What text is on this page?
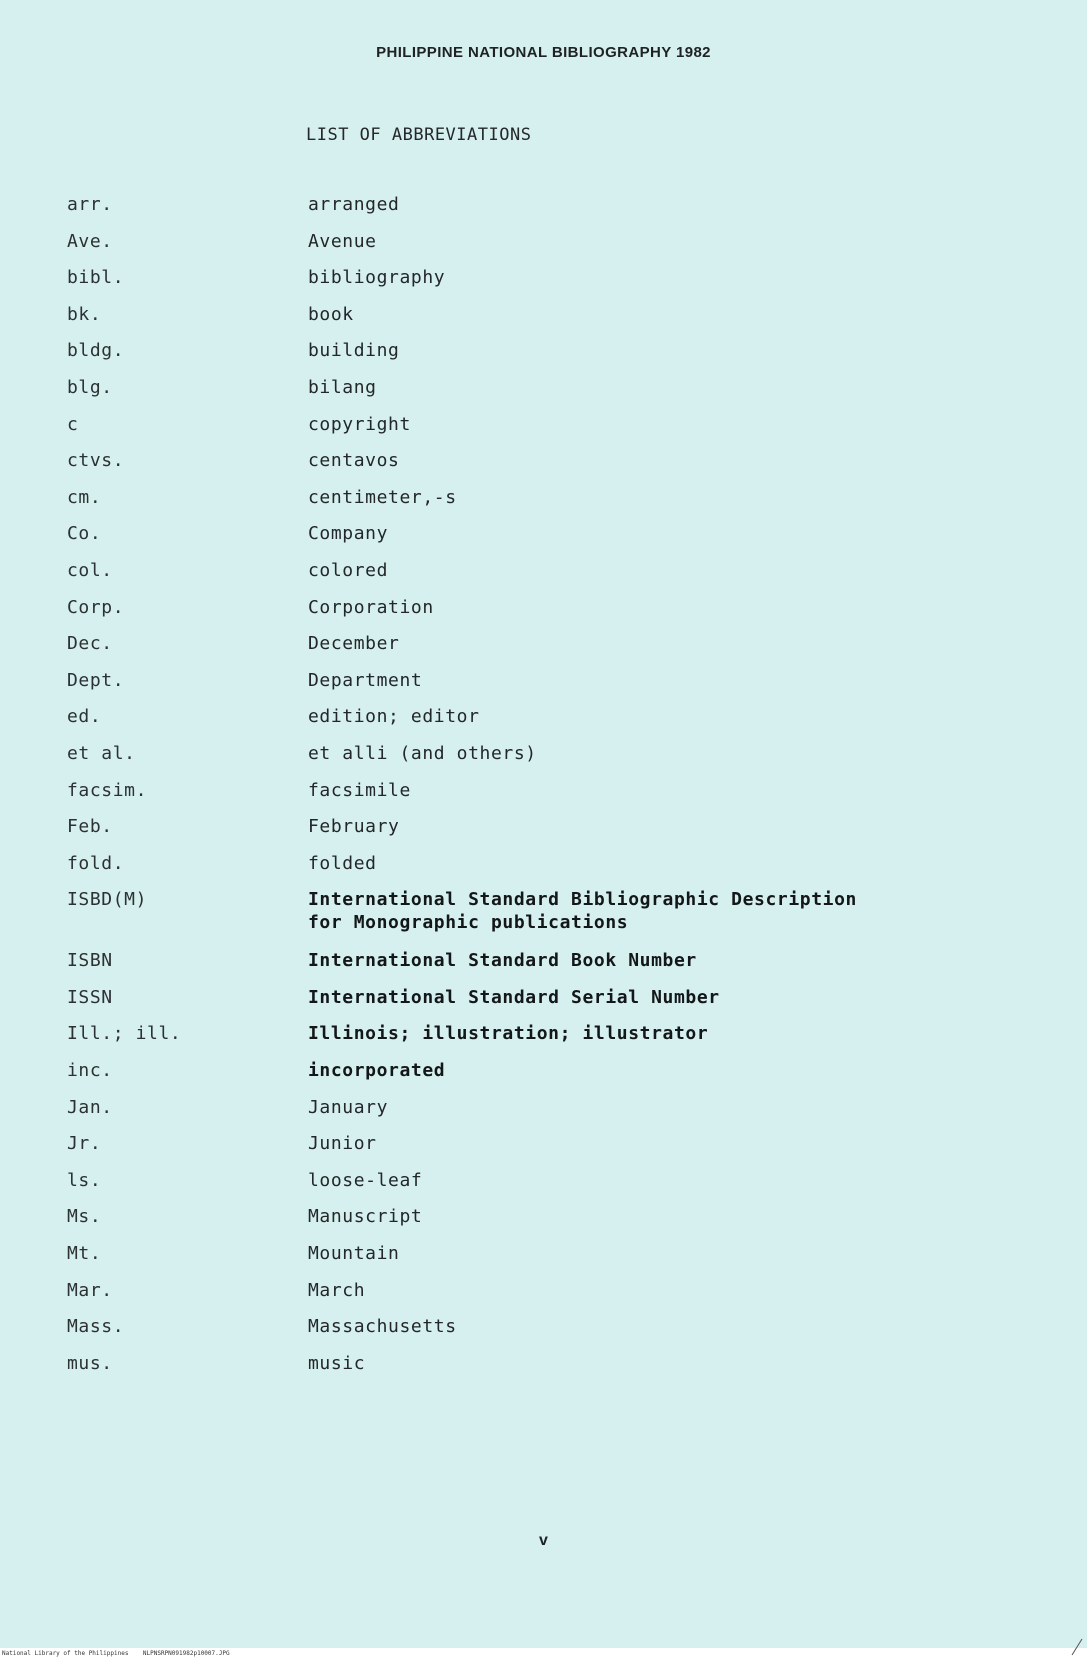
PHILIPPINE NATIONAL BIBLIOGRAPHY 1982
LIST OF ABBREVIATIONS
arr.	arranged
Ave.	Avenue
bibl.	bibliography
bk.	book
bldg.	building
blg.	bilang
c	copyright
ctvs.	centavos
cm.	centimeter,-s
Co.	Company
col.	colored
Corp.	Corporation
Dec.	December
Dept.	Department
ed.	edition; editor
et al.	et alli (and others)
facsim.	facsimile
Feb.	February
fold.	folded
ISBD(M)	International Standard Bibliographic Description
for Monographic publications
ISBN	International Standard Book Number
ISSN	International Standard Serial Number
Ill.; ill.	Illinois; illustration; illustrator
inc.	incorporated
Jan.	January
Jr.	Junior
ls.	loose-leaf
Ms.	Manuscript
Mt.	Mountain
Mar.	March
Mass.	Massachusetts
mus.	music
v
National Library of the Philippines NLPNSRPN091982p10007.JPG
